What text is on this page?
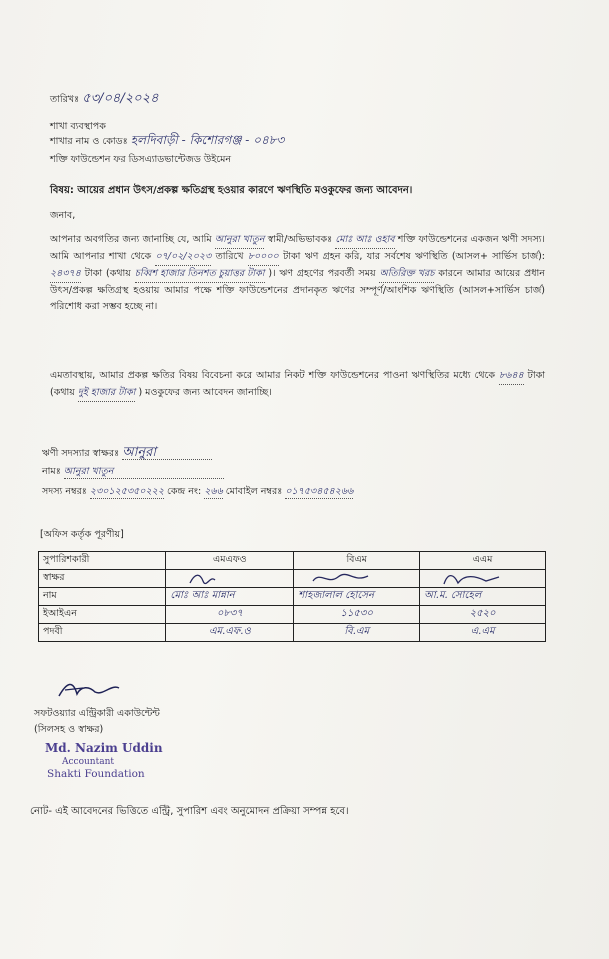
তারিখঃ ৫৩/০৪/২০২৪
শাখা ব্যবস্থাপক
শাখার নাম ও কোডঃ হলদিবাড়ী - কিশোরগঞ্জ - ০৪৮৩
শক্তি ফাউন্ডেশন ফর ডিসএ্যাডভান্টেজড উইমেন
বিষয়: আয়ের প্রধান উৎস/প্রকল্প ক্ষতিগ্রস্থ হওয়ার কারণে ঋণস্থিতি মওকুফের জন্য আবেদন।
জনাব,
আপনার অবগতির জন্য জানাচ্ছি যে, আমি আনুরা খাতুন স্বামী/অভিভাবকঃ মোঃ আঃ ওহাব শক্তি ফাউন্ডেশনের একজন ঋণী সদস্য। আমি আপনার শাখা থেকে ০৭/০২/২০২৩ তারিখে ৮০০০০ টাকা ঋণ গ্রহন করি, যার সর্বশেষ ঋণস্থিতি (আসল+ সার্ভিস চার্জ): ২৪৩৭৪ টাকা (কথায় চব্বিশ হাজার তিনশত চুয়াত্তর টাকা )। ঋণ গ্রহণের পরবর্তী সময় অতিরিক্ত খরচ কারনে আমার আয়ের প্রধান উৎস/প্রকল্প ক্ষতিগ্রস্থ হওয়ায় আমার পক্ষে শক্তি ফাউন্ডেশনের প্রদানকৃত ঋণের সম্পূর্ণ/আংশিক ঋণস্থিতি (আসল+সার্ভিস চার্জ) পরিশোধ করা সম্ভব হচ্ছে না।
এমতাবস্থায়, আমার প্রকল্প ক্ষতির বিষয় বিবেচনা করে আমার নিকট শক্তি ফাউন্ডেশনের পাওনা ঋণস্থিতির মধ্যে থেকে ৮৬৪৪ টাকা (কথায় দুই হাজার টাকা ) মওকুফের জন্য আবেদন জানাচ্ছি।
ঋণী সদস্যার স্বাক্ষরঃ আনুরা
নামঃ আনুরা খাতুন
সদস্য নম্বরঃ ২৩০১২৫৩৫০২২২ কেন্দ্র নং: ২৬৬ মোবাইল নম্বরঃ ০১৭৫৩৪৫৪২৬৬
[অফিস কর্তৃক পূরণীয়]
সুপারিশকারী	এমএফও	বিএম	এএম
স্বাক্ষর	

নাম	মোঃ আঃ মান্নান	শাহজালাল হোসেন	আ.ম. সোহেল
ইআইএন	০৮৩৭	১১৫৩০	২৫২০
পদবী	এম.এফ.ও	বি.এম	এ.এম
সফটওয়্যার এন্ট্রিকারী একাউন্টেন্ট
(সিলসহ ও স্বাক্ষর)
Md. Nazim Uddin
Accountant
Shakti Foundation
নোট- এই আবেদনের ভিত্তিতে এন্ট্রি, সুপারিশ এবং অনুমোদন প্রক্রিয়া সম্পন্ন হবে।
